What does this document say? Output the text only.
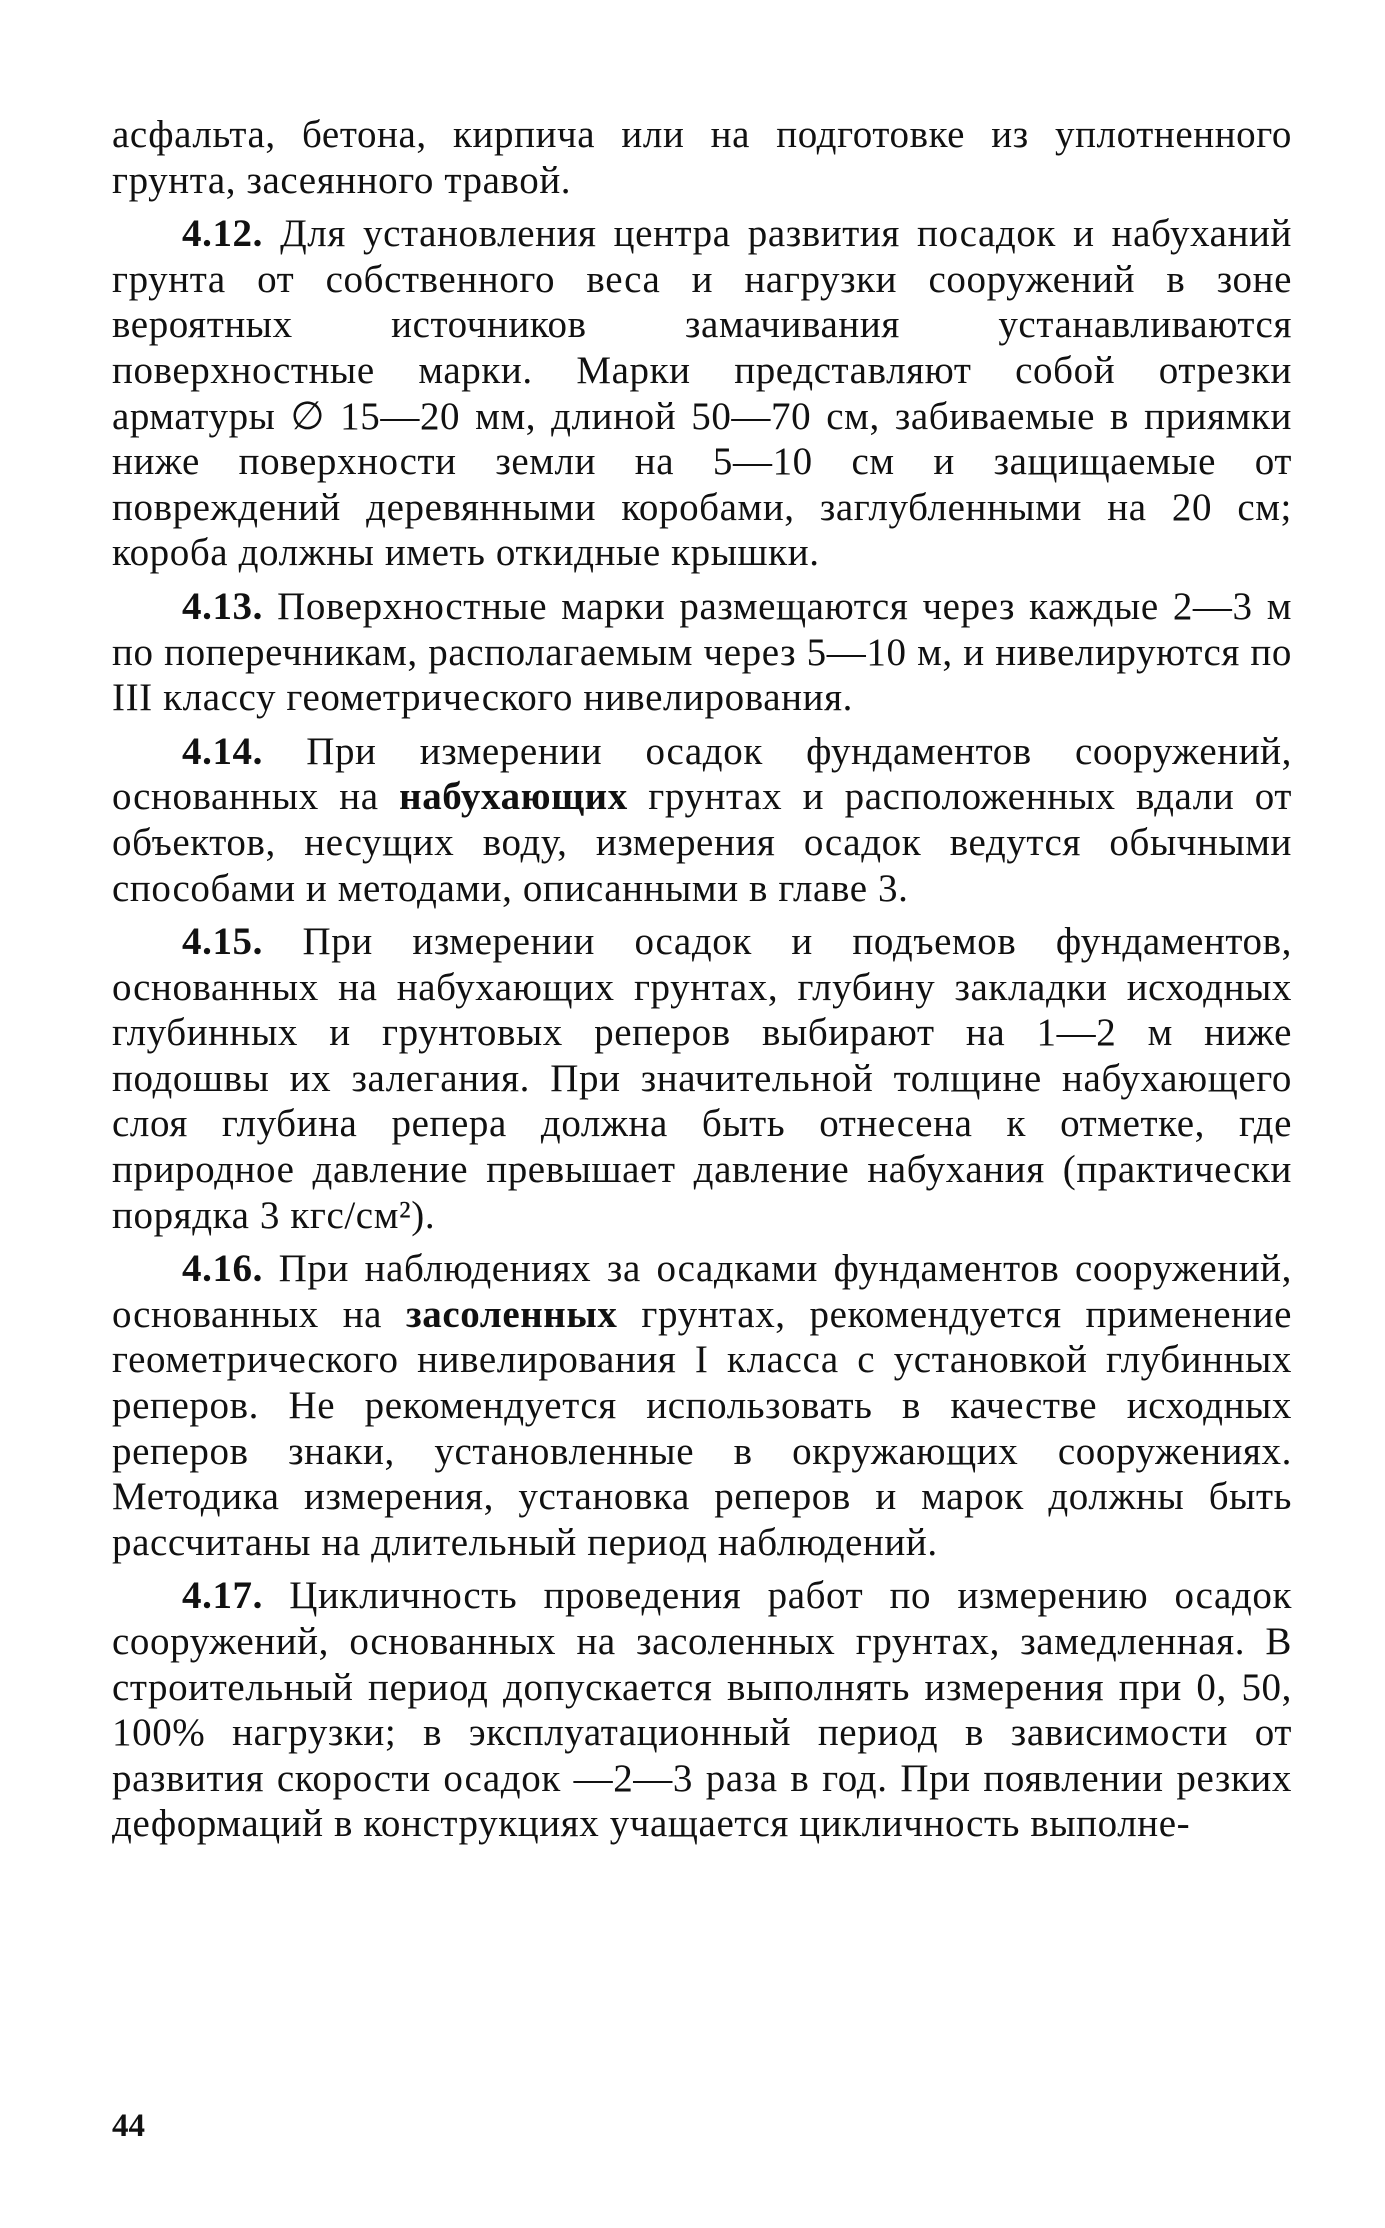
асфальта, бетона, кирпича или на подготовке из уплотненного грунта, засеянного травой.

4.12. Для установления центра развития посадок и набуханий грунта от собственного веса и нагрузки сооружений в зоне вероятных источников замачивания устанавливаются поверхностные марки. Марки представляют собой отрезки арматуры ∅ 15—20 мм, длиной 50—70 см, забиваемые в приямки ниже поверхности земли на 5—10 см и защищаемые от повреждений деревянными коробами, заглубленными на 20 см; короба должны иметь откидные крышки.

4.13. Поверхностные марки размещаются через каждые 2—3 м по поперечникам, располагаемым через 5—10 м, и нивелируются по III классу геометрического нивелирования.

4.14. При измерении осадок фундаментов сооружений, основанных на набухающих грунтах и расположенных вдали от объектов, несущих воду, измерения осадок ведутся обычными способами и методами, описанными в главе 3.

4.15. При измерении осадок и подъемов фундаментов, основанных на набухающих грунтах, глубину закладки исходных глубинных и грунтовых реперов выбирают на 1—2 м ниже подошвы их залегания. При значительной толщине набухающего слоя глубина репера должна быть отнесена к отметке, где природное давление превышает давление набухания (практически порядка 3 кгс/см²).

4.16. При наблюдениях за осадками фундаментов сооружений, основанных на засоленных грунтах, рекомендуется применение геометрического нивелирования I класса с установкой глубинных реперов. Не рекомендуется использовать в качестве исходных реперов знаки, установленные в окружающих сооружениях. Методика измерения, установка реперов и марок должны быть рассчитаны на длительный период наблюдений.

4.17. Цикличность проведения работ по измерению осадок сооружений, основанных на засоленных грунтах, замедленная. В строительный период допускается выполнять измерения при 0, 50, 100% нагрузки; в эксплуатационный период в зависимости от развития скорости осадок —2—3 раза в год. При появлении резких деформаций в конструкциях учащается цикличность выполне-

44
